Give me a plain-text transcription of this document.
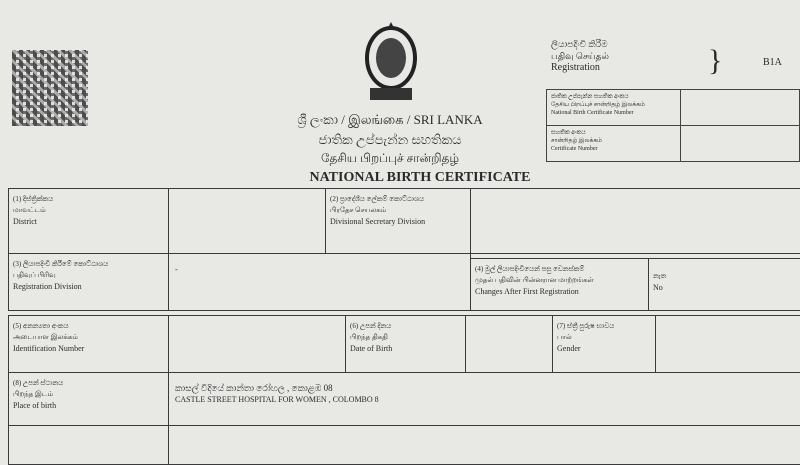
ශ්‍රී ලංකා / இலங்கை / SRI LANKA
ජාතික උප්පැන්න සහතිකය
தேசிய பிறப்புச் சான்றிதழ்
NATIONAL BIRTH CERTIFICATE
ලියාපදිංචි කිරීම
பதிவு செய்தல்
Registration	}	B1A
ජාතික උප්පැන්න සහතික අංකය
தேசிய பிறப்புச் சான்றிதழ் இலக்கம்
National Birth Certificate Number	

සහතික අංකය
சான்றிதழ் இலக்கம்
Certificate Number	

(1) දිස්ත්‍රික්කය
மாவட்டம்
District
(2) ප්‍රාදේශීය ලේකම් කොට්ඨාශය
பிரதேச செயலகம்
Divisional Secretary Division
(3) ලියාපදිංචි කිරීමේ කොට්ඨාශය
பதிவுப் பிரிவு
Registration Division
-	(4) මුල් ලියාපදිංචියෙන් පසු වෙනස්කම්
முதல் பதிவின் பின்னரான மாற்றங்கள்
Changes After First Registration
නැත
No
(5) අනන්‍යතා අංකය
அடையாள இலக்கம்
Identification Number
(6) උපන් දිනය
பிறந்த திகதி
Date of Birth
(7) ස්ත්‍රී පුරුෂ භාවය
பால்
Gender
(8) උපන් ස්ථානය
பிறந்த இடம்
Place of birth
කාසල් වීදියේ කාන්තා රෝහල , කොළඹ 08
CASTLE STREET HOSPITAL FOR WOMEN , COLOMBO 8
